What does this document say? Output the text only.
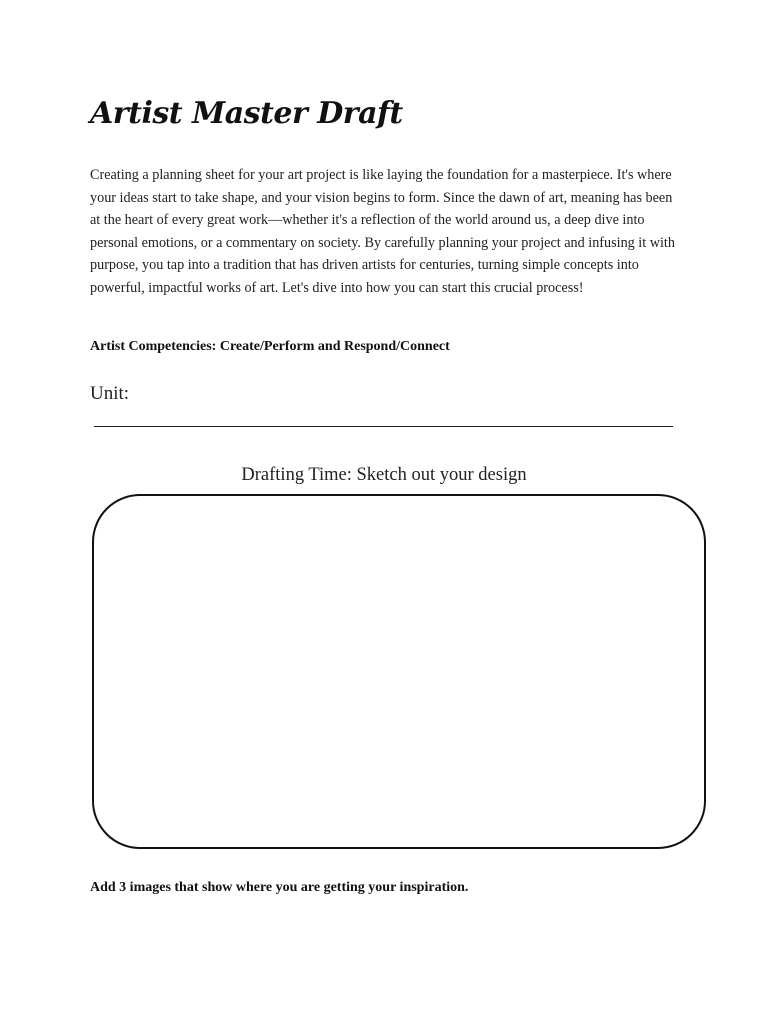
Artist Master Draft

Creating a planning sheet for your art project is like laying the foundation for a masterpiece. It's where your ideas start to take shape, and your vision begins to form. Since the dawn of art, meaning has been at the heart of every great work—whether it's a reflection of the world around us, a deep dive into personal emotions, or a commentary on society. By carefully planning your project and infusing it with purpose, you tap into a tradition that has driven artists for centuries, turning simple concepts into powerful, impactful works of art. Let's dive into how you can start this crucial process!

Artist Competencies: Create/Perform and Respond/Connect

Unit:

Drafting Time: Sketch out your design

Add 3 images that show where you are getting your inspiration.
